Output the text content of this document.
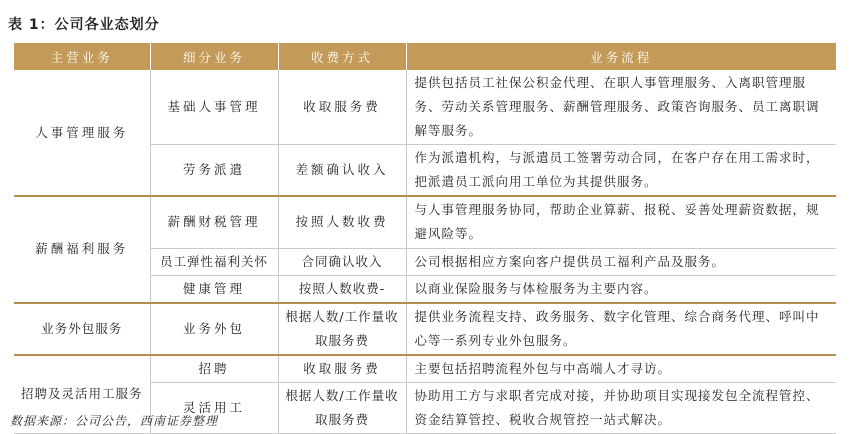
表 1：公司各业态划分
主营业务	细分业务	收费方式	业务流程
人事管理服务	基础人事管理	收取服务费	提供包括员工社保公积金代理、在职人事管理服务、入离职管理服务、劳动关系管理服务、薪酬管理服务、政策咨询服务、员工离职调解等服务。
	劳务派遣	差额确认收入	作为派遣机构，与派遣员工签署劳动合同，在客户存在用工需求时，把派遣员工派向用工单位为其提供服务。
薪酬福利服务	薪酬财税管理	按照人数收费	与人事管理服务协同，帮助企业算薪、报税、妥善处理薪资数据，规避风险等。
	员工弹性福利关怀	合同确认收入	公司根据相应方案向客户提供员工福利产品及服务。
	健康管理	按照人数收费-	以商业保险服务与体检服务为主要内容。
业务外包服务	业务外包	根据人数/工作量收取服务费	提供业务流程支持、政务服务、数字化管理、综合商务代理、呼叫中心等一系列专业外包服务。
招聘及灵活用工服务	招聘	收取服务费	主要包括招聘流程外包与中高端人才寻访。
	灵活用工	根据人数/工作量收取服务费	协助用工方与求职者完成对接，并协助项目实现接发包全流程管控、资金结算管控、税收合规管控一站式解决。
数据来源：公司公告，西南证券整理
